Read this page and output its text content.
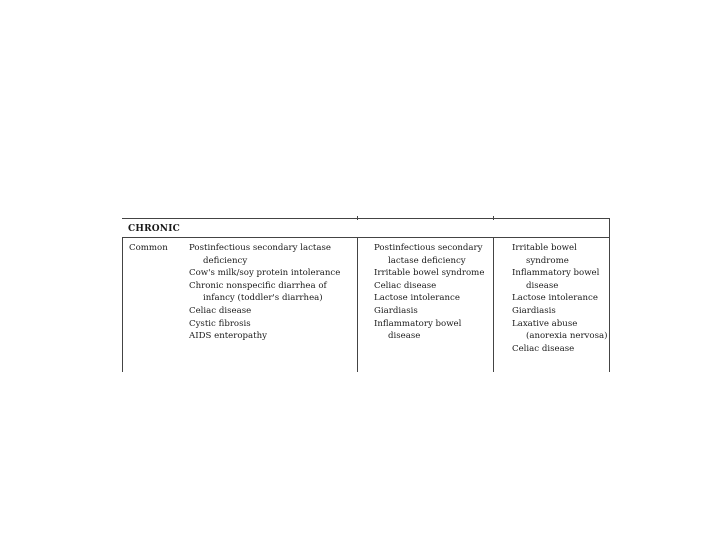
CHRONIC
Common	Postinfectious secondary lactase deficiency
Cow's milk/soy protein intolerance
Chronic nonspecific diarrhea of infancy (toddler's diarrhea)
Celiac disease
Cystic fibrosis
AIDS enteropathy
Postinfectious secondary lactase deficiency
Irritable bowel syndrome
Celiac disease
Lactose intolerance
Giardiasis
Inflammatory bowel disease
Irritable bowel syndrome
Inflammatory bowel disease
Lactose intolerance
Giardiasis
Laxative abuse (anorexia nervosa)
Celiac disease
